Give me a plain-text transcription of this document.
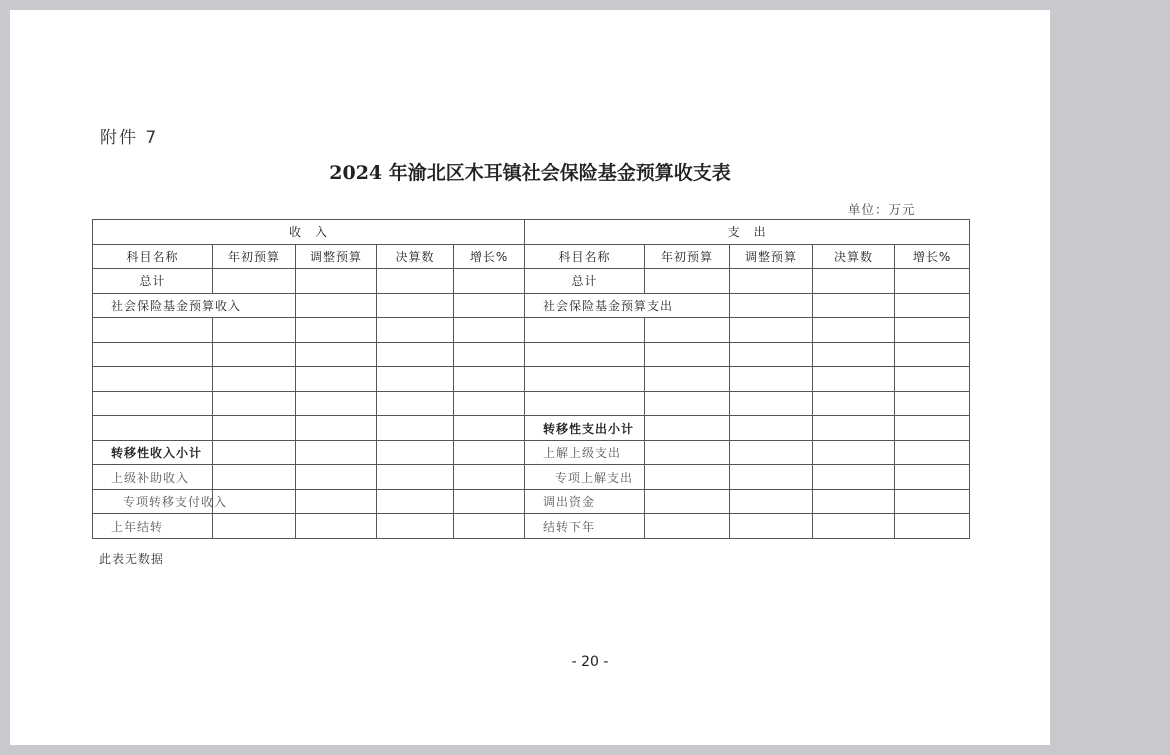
附件 7
2024 年渝北区木耳镇社会保险基金预算收支表
单位：万元
收　入					支　出				
科目名称	年初预算	调整预算	决算数	增长%	科目名称	年初预算	调整预算	决算数	增长%
总计					总计				
社会保险基金预算收入					社会保险基金预算支出				

					转移性支出小计				
转移性收入小计					上解上级支出				
上级补助收入					专项上解支出				
专项转移支付收入					调出资金				
上年结转					结转下年				
此表无数据
- 20 -
